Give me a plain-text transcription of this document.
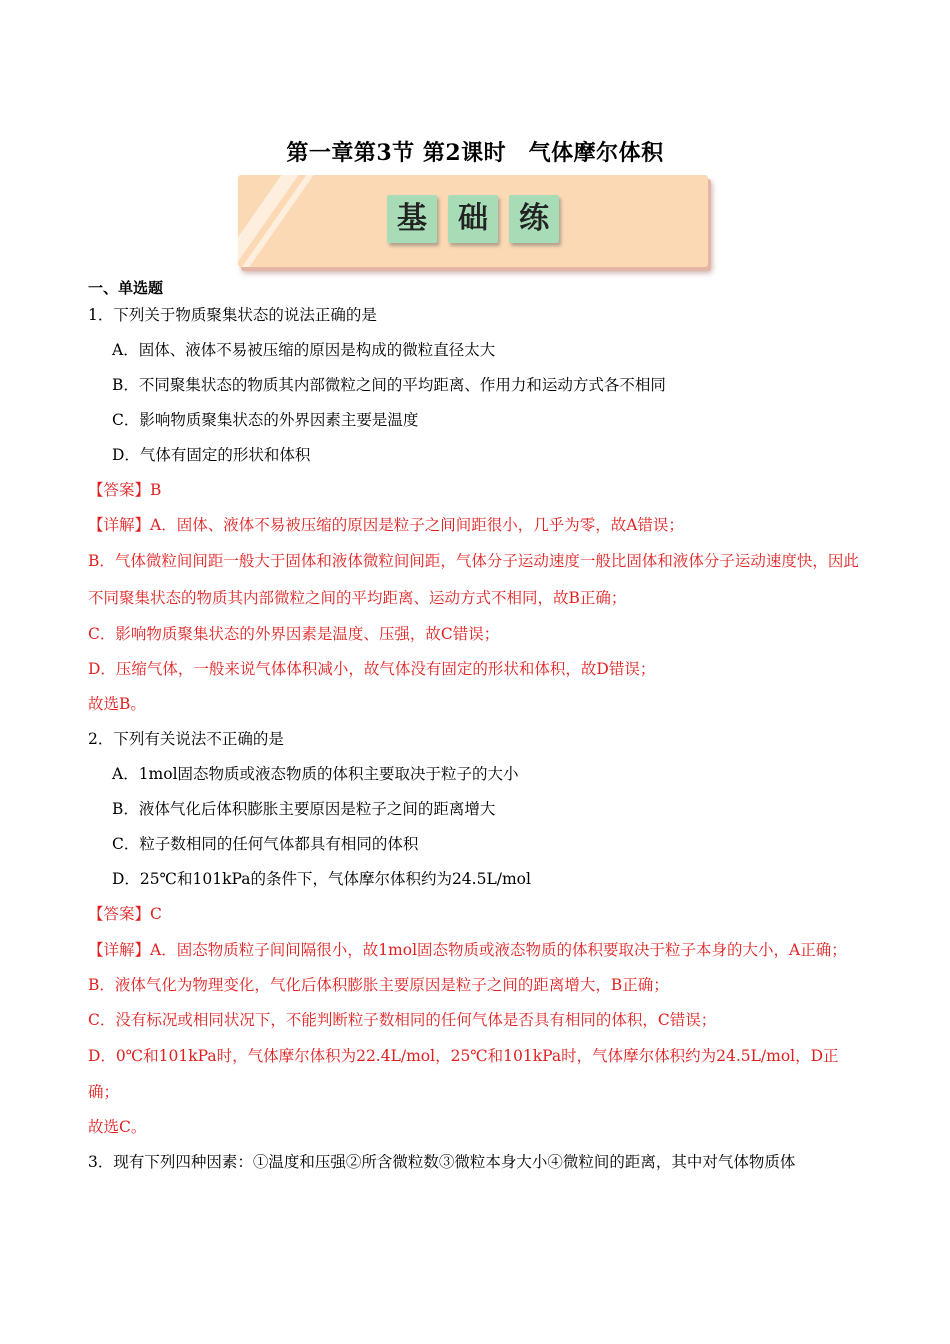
第一章第3节 第2课时　气体摩尔体积
基 础 练

一、单选题

1．下列关于物质聚集状态的说法正确的是

A．固体、液体不易被压缩的原因是构成的微粒直径太大

B．不同聚集状态的物质其内部微粒之间的平均距离、作用力和运动方式各不相同

C．影响物质聚集状态的外界因素主要是温度

D．气体有固定的形状和体积

【答案】B

【详解】A．固体、液体不易被压缩的原因是粒子之间间距很小，几乎为零，故A错误；

B．气体微粒间间距一般大于固体和液体微粒间间距，气体分子运动速度一般比固体和液体分子运动速度快，因此不同聚集状态的物质其内部微粒之间的平均距离、运动方式不相同，故B正确；

C．影响物质聚集状态的外界因素是温度、压强，故C错误；

D．压缩气体，一般来说气体体积减小，故气体没有固定的形状和体积，故D错误；

故选B。

2．下列有关说法不正确的是

A．1mol固态物质或液态物质的体积主要取决于粒子的大小

B．液体气化后体积膨胀主要原因是粒子之间的距离增大

C．粒子数相同的任何气体都具有相同的体积

D．25℃和101kPa的条件下，气体摩尔体积约为24.5L/mol

【答案】C

【详解】A．固态物质粒子间间隔很小，故1mol固态物质或液态物质的体积要取决于粒子本身的大小，A正确；

B．液体气化为物理变化，气化后体积膨胀主要原因是粒子之间的距离增大，B正确；

C．没有标况或相同状况下，不能判断粒子数相同的任何气体是否具有相同的体积，C错误；

D．0℃和101kPa时，气体摩尔体积为22.4L/mol，25℃和101kPa时，气体摩尔体积约为24.5L/mol，D正确；

故选C。

3．现有下列四种因素：①温度和压强②所含微粒数③微粒本身大小④微粒间的距离，其中对气体物质体
